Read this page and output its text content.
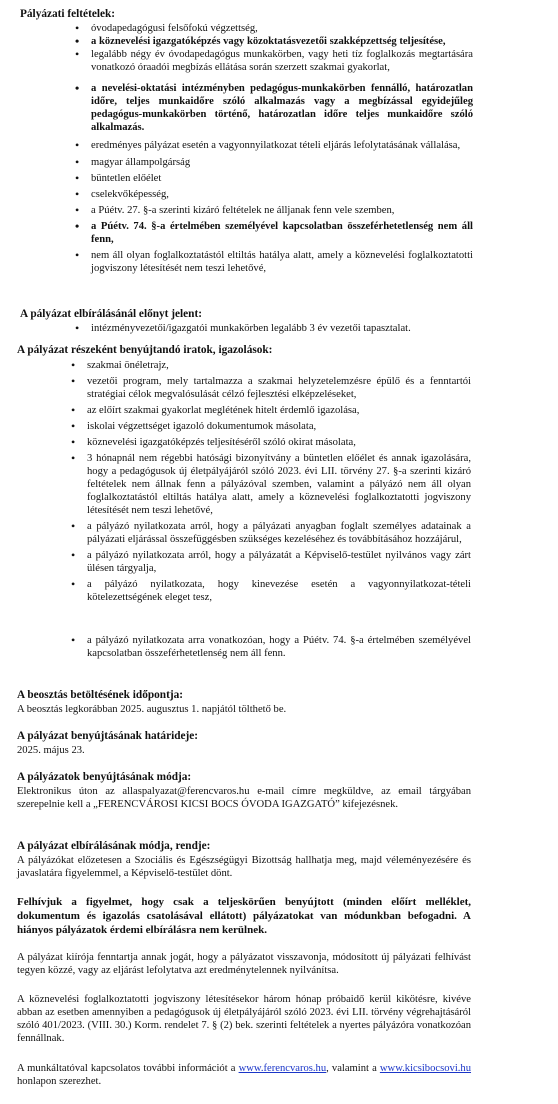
Pályázati feltételek:
• óvodapedagógusi felsőfokú végzettség,
• a köznevelési igazgatóképzés vagy közoktatásvezetői szakképzettség teljesítése,
• legalább négy év óvodapedagógus munkakörben, vagy heti tíz foglalkozás megtartására vonatkozó óraadói megbízás ellátása során szerzett szakmai gyakorlat,
• a nevelési-oktatási intézményben pedagógus-munkakörben fennálló, határozatlan időre, teljes munkaidőre szóló alkalmazás vagy a megbízással egyidejűleg pedagógus-munkakörben történő, határozatlan időre teljes munkaidőre szóló alkalmazás.
• eredményes pályázat esetén a vagyonnyilatkozat tételi eljárás lefolytatásának vállalása,
• magyar állampolgárság
• büntetlen előélet
• cselekvőképesség,
• a Púétv. 27. §-a szerinti kizáró feltételek ne álljanak fenn vele szemben,
• a Púétv. 74. §-a értelmében személyével kapcsolatban összeférhetetlenség nem áll fenn,
• nem áll olyan foglalkoztatástól eltiltás hatálya alatt, amely a köznevelési foglalkoztatotti jogviszony létesítését nem teszi lehetővé,
A pályázat elbírálásánál előnyt jelent:
• intézményvezetői/igazgatói munkakörben legalább 3 év vezetői tapasztalat.
A pályázat részeként benyújtandó iratok, igazolások:
• szakmai önéletrajz,
• vezetői program, mely tartalmazza a szakmai helyzetelemzésre épülő és a fenntartói stratégiai célok megvalósulását célzó fejlesztési elképzeléseket,
• az előírt szakmai gyakorlat meglétének hitelt érdemlő igazolása,
• iskolai végzettséget igazoló dokumentumok másolata,
• köznevelési igazgatóképzés teljesítéséről szóló okirat másolata,
• 3 hónapnál nem régebbi hatósági bizonyítvány a büntetlen előélet és annak igazolására, hogy a pedagógusok új életpályájáról szóló 2023. évi LII. törvény 27. §-a szerinti kizáró feltételek nem állnak fenn a pályázóval szemben, valamint a pályázó nem áll olyan foglalkoztatástól eltiltás hatálya alatt, amely a köznevelési foglalkoztatotti jogviszony létesítését nem teszi lehetővé,
• a pályázó nyilatkozata arról, hogy a pályázati anyagban foglalt személyes adatainak a pályázati eljárással összefüggésben szükséges kezeléséhez és továbbításához hozzájárul,
• a pályázó nyilatkozata arról, hogy a pályázatát a Képviselő-testület nyilvános vagy zárt ülésen tárgyalja,
• a pályázó nyilatkozata, hogy kinevezése esetén a vagyonnyilatkozat-tételi kötelezettségének eleget tesz,
• a pályázó nyilatkozata arra vonatkozóan, hogy a Púétv. 74. §-a értelmében személyével kapcsolatban összeférhetetlenség nem áll fenn.
A beosztás betöltésének időpontja:
A beosztás legkorábban 2025. augusztus 1. napjától tölthető be.
A pályázat benyújtásának határideje:
2025. május 23.
A pályázatok benyújtásának módja:
Elektronikus úton az allaspalyazat@ferencvaros.hu e-mail címre megküldve, az email tárgyában szerepelnie kell a „FERENCVÁROSI KICSI BOCS ÓVODA IGAZGATÓ” kifejezésnek.
A pályázat elbírálásának módja, rendje:
A pályázókat előzetesen a Szociális és Egészségügyi Bizottság hallhatja meg, majd véleményezésére és javaslatára figyelemmel, a Képviselő-testület dönt.
Felhívjuk a figyelmet, hogy csak a teljeskörűen benyújtott (minden előírt melléklet, dokumentum és igazolás csatolásával ellátott) pályázatokat van módunkban befogadni. A hiányos pályázatok érdemi elbírálásra nem kerülnek.
A pályázat kiírója fenntartja annak jogát, hogy a pályázatot visszavonja, módosított új pályázati felhívást tegyen közzé, vagy az eljárást lefolytatva azt eredménytelennek nyilvánítsa.
A köznevelési foglalkoztatotti jogviszony létesítésekor három hónap próbaidő kerül kikötésre, kivéve abban az esetben amennyiben a pedagógusok új életpályájáról szóló 2023. évi LII. törvény végrehajtásáról szóló 401/2023. (VIII. 30.) Korm. rendelet 7. § (2) bek. szerinti feltételek a nyertes pályázóra vonatkozóan fennállnak.
A munkáltatóval kapcsolatos további információt a www.ferencvaros.hu, valamint a www.kicsibocsovi.hu honlapon szerezhet.
